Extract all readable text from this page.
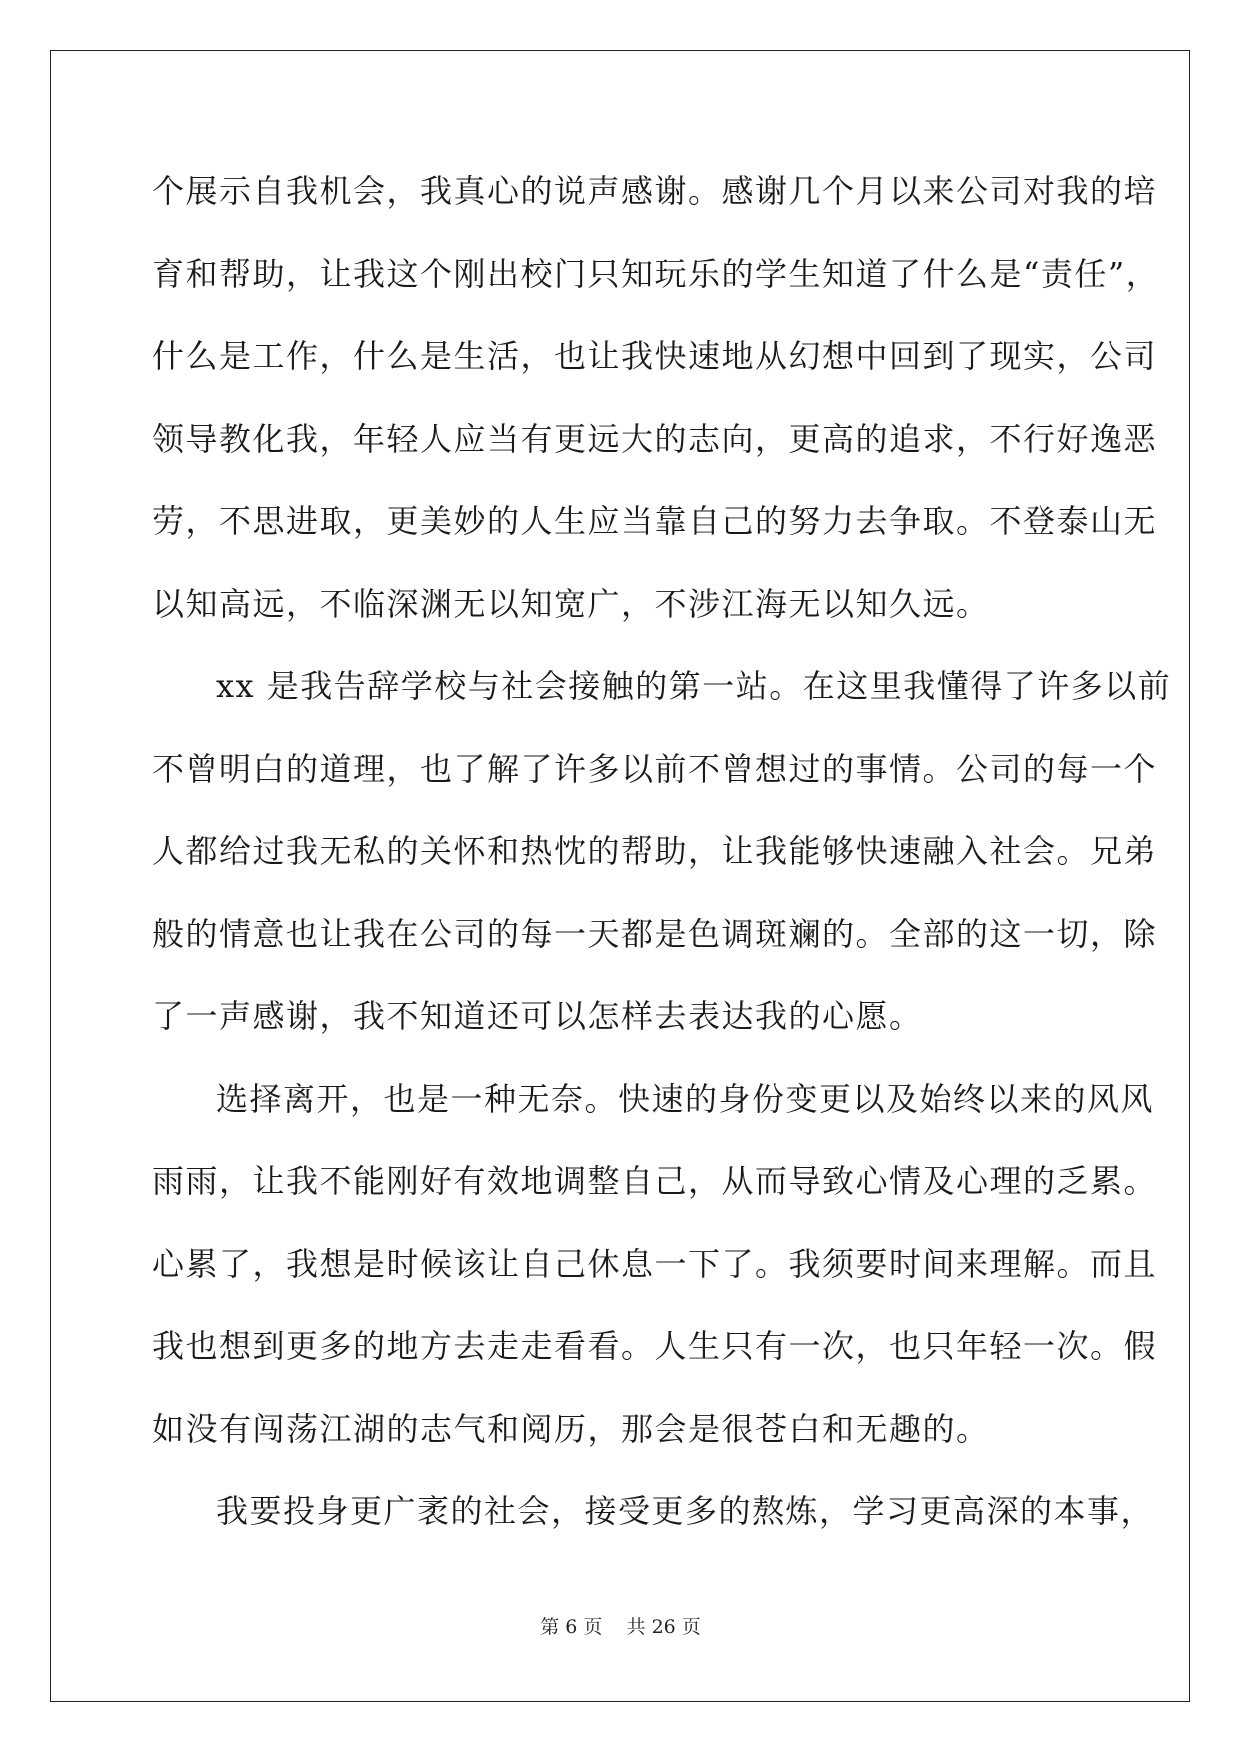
个展示自我机会，我真心的说声感谢。感谢几个月以来公司对我的培
育和帮助，让我这个刚出校门只知玩乐的学生知道了什么是“责任”，
什么是工作，什么是生活，也让我快速地从幻想中回到了现实，公司
领导教化我，年轻人应当有更远大的志向，更高的追求，不行好逸恶
劳，不思进取，更美妙的人生应当靠自己的努力去争取。不登泰山无
以知高远，不临深渊无以知宽广，不涉江海无以知久远。
xx 是我告辞学校与社会接触的第一站。在这里我懂得了许多以前
不曾明白的道理，也了解了许多以前不曾想过的事情。公司的每一个
人都给过我无私的关怀和热忱的帮助，让我能够快速融入社会。兄弟
般的情意也让我在公司的每一天都是色调斑斓的。全部的这一切，除
了一声感谢，我不知道还可以怎样去表达我的心愿。
选择离开，也是一种无奈。快速的身份变更以及始终以来的风风
雨雨，让我不能刚好有效地调整自己，从而导致心情及心理的乏累。
心累了，我想是时候该让自己休息一下了。我须要时间来理解。而且
我也想到更多的地方去走走看看。人生只有一次，也只年轻一次。假
如没有闯荡江湖的志气和阅历，那会是很苍白和无趣的。
我要投身更广袤的社会，接受更多的熬炼，学习更高深的本事，
第 6 页    共 26 页
